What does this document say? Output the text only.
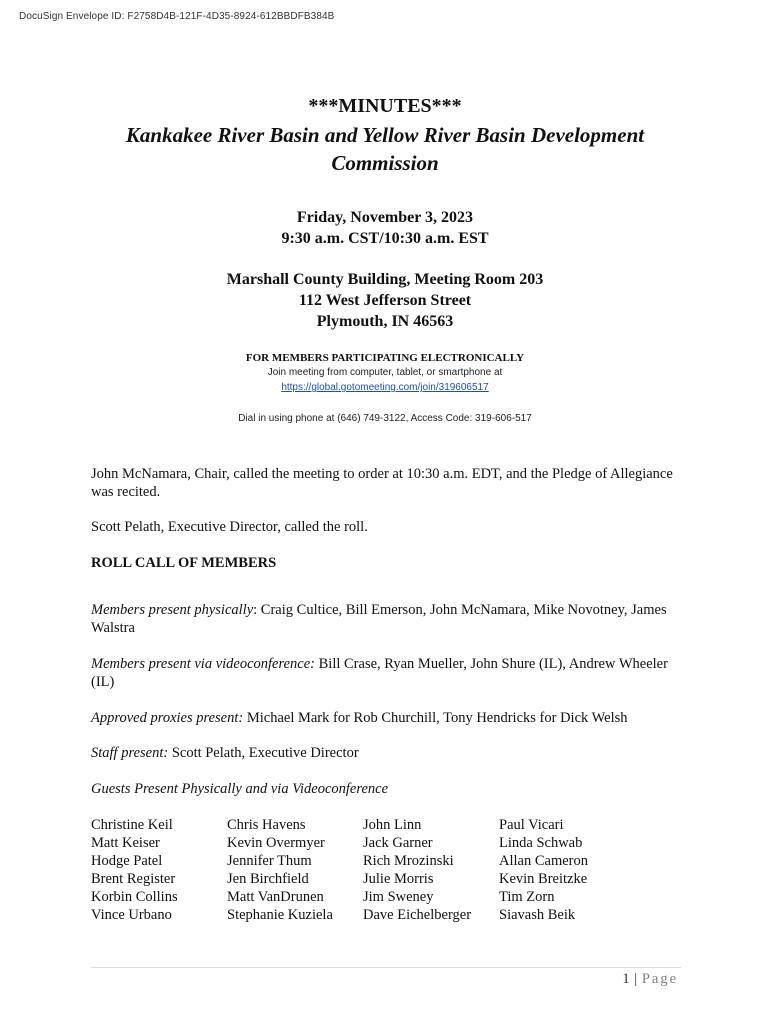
DocuSign Envelope ID: F2758D4B-121F-4D35-8924-612BBDFB384B
***MINUTES***
Kankakee River Basin and Yellow River Basin Development Commission
Friday, November 3, 2023
9:30 a.m. CST/10:30 a.m. EST
Marshall County Building, Meeting Room 203
112 West Jefferson Street
Plymouth, IN 46563
FOR MEMBERS PARTICIPATING ELECTRONICALLY
Join meeting from computer, tablet, or smartphone at
https://global.gotomeeting.com/join/319606517
Dial in using phone at (646) 749-3122, Access Code: 319-606-517
John McNamara, Chair, called the meeting to order at 10:30 a.m. EDT, and the Pledge of Allegiance was recited.
Scott Pelath, Executive Director, called the roll.
ROLL CALL OF MEMBERS
Members present physically: Craig Cultice, Bill Emerson, John McNamara, Mike Novotney, James Walstra
Members present via videoconference: Bill Crase, Ryan Mueller, John Shure (IL), Andrew Wheeler (IL)
Approved proxies present: Michael Mark for Rob Churchill, Tony Hendricks for Dick Welsh
Staff present: Scott Pelath, Executive Director
Guests Present Physically and via Videoconference
Christine Keil
Matt Keiser
Hodge Patel
Brent Register
Korbin Collins
Vince Urbano
Chris Havens
Kevin Overmyer
Jennifer Thum
Jen Birchfield
Matt VanDrunen
Stephanie Kuziela
John Linn
Jack Garner
Rich Mrozinski
Julie Morris
Jim Sweney
Dave Eichelberger
Paul Vicari
Linda Schwab
Allan Cameron
Kevin Breitzke
Tim Zorn
Siavash Beik
1 | Page
